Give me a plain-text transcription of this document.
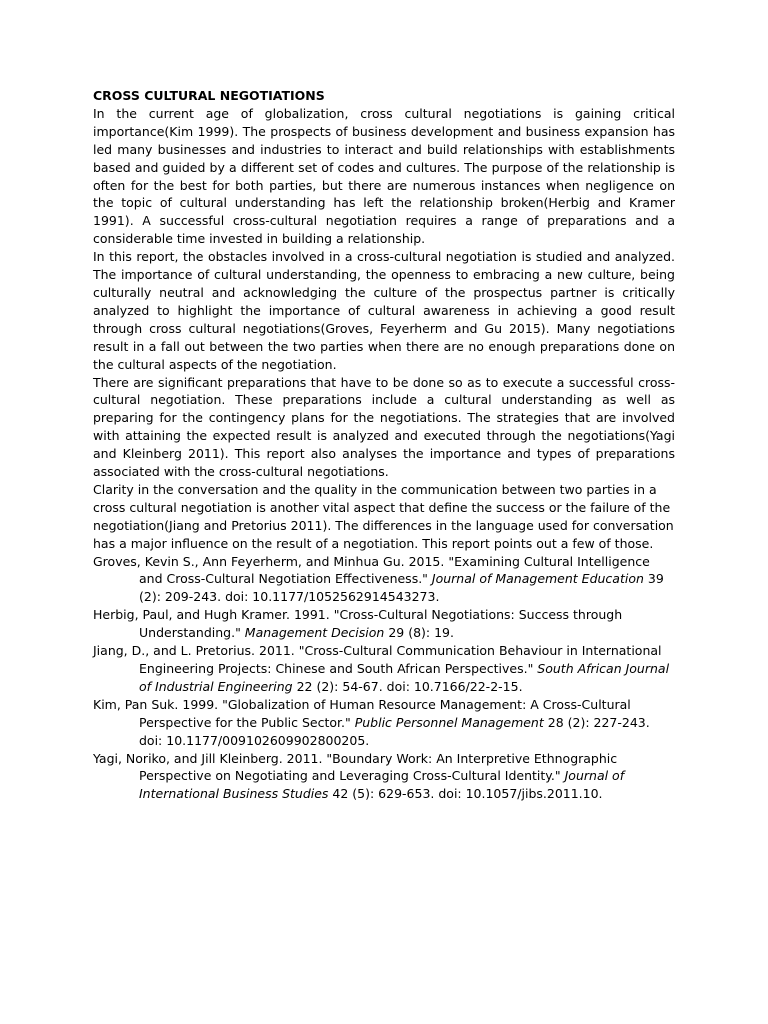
CROSS CULTURAL NEGOTIATIONS

In the current age of globalization, cross cultural negotiations is gaining critical importance(Kim 1999). The prospects of business development and business expansion has led many businesses and industries to interact and build relationships with establishments based and guided by a different set of codes and cultures. The purpose of the relationship is often for the best for both parties, but there are numerous instances when negligence on the topic of cultural understanding has left the relationship broken(Herbig and Kramer 1991). A successful cross-cultural negotiation requires a range of preparations and a considerable time invested in building a relationship.

In this report, the obstacles involved in a cross-cultural negotiation is studied and analyzed. The importance of cultural understanding, the openness to embracing a new culture, being culturally neutral and acknowledging the culture of the prospectus partner is critically analyzed to highlight the importance of cultural awareness in achieving a good result through cross cultural negotiations(Groves, Feyerherm and Gu 2015). Many negotiations result in a fall out between the two parties when there are no enough preparations done on the cultural aspects of the negotiation.

There are significant preparations that have to be done so as to execute a successful cross-cultural negotiation. These preparations include a cultural understanding as well as preparing for the contingency plans for the negotiations. The strategies that are involved with attaining the expected result is analyzed and executed through the negotiations(Yagi and Kleinberg 2011). This report also analyses the importance and types of preparations associated with the cross-cultural negotiations.

Clarity in the conversation and the quality in the communication between two parties in a cross cultural negotiation is another vital aspect that define the success or the failure of the negotiation(Jiang and Pretorius 2011). The differences in the language used for conversation has a major influence on the result of a negotiation. This report points out a few of those.

Groves, Kevin S., Ann Feyerherm, and Minhua Gu. 2015. "Examining Cultural Intelligence and Cross-Cultural Negotiation Effectiveness." Journal of Management Education 39 (2): 209-243. doi: 10.1177/1052562914543273.

Herbig, Paul, and Hugh Kramer. 1991. "Cross-Cultural Negotiations: Success through Understanding." Management Decision 29 (8): 19.

Jiang, D., and L. Pretorius. 2011. "Cross-Cultural Communication Behaviour in International Engineering Projects: Chinese and South African Perspectives." South African Journal of Industrial Engineering 22 (2): 54-67. doi: 10.7166/22-2-15.

Kim, Pan Suk. 1999. "Globalization of Human Resource Management: A Cross-Cultural Perspective for the Public Sector." Public Personnel Management 28 (2): 227-243. doi: 10.1177/009102609902800205.

Yagi, Noriko, and Jill Kleinberg. 2011. "Boundary Work: An Interpretive Ethnographic Perspective on Negotiating and Leveraging Cross-Cultural Identity." Journal of International Business Studies 42 (5): 629-653. doi: 10.1057/jibs.2011.10.
